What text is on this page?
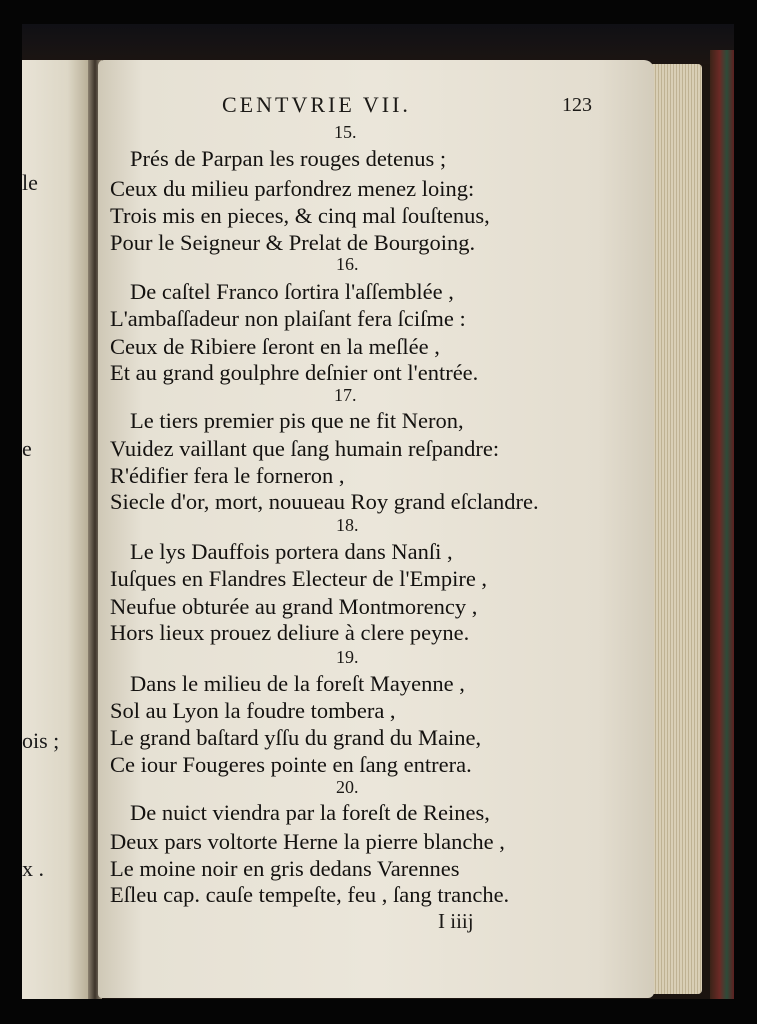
le
e
ois ;
x .
CENTVRIE VII.	123
15.
Prés de Parpan les rouges detenus ;
Ceux du milieu parfondrez menez loing:
Trois mis en pieces, & cinq mal ſouſtenus,
Pour le Seigneur & Prelat de Bourgoing.
16.
De caſtel Franco ſortira l'aſſemblée ,
L'ambaſſadeur non plaiſant fera ſciſme :
Ceux de Ribiere ſeront en la meſlée ,
Et au grand goulphre deſnier ont l'entrée.
17.
Le tiers premier pis que ne fit Neron,
Vuidez vaillant que ſang humain reſpandre:
R'édifier fera le forneron ,
Siecle d'or, mort, nouueau Roy grand eſclandre.
18.
Le lys Dauffois portera dans Nanſi ,
Iuſques en Flandres Electeur de l'Empire ,
Neufue obturée au grand Montmorency ,
Hors lieux prouez deliure à clere peyne.
19.
Dans le milieu de la foreſt Mayenne ,
Sol au Lyon la foudre tombera ,
Le grand baſtard yſſu du grand du Maine,
Ce iour Fougeres pointe en ſang entrera.
20.
De nuict viendra par la foreſt de Reines,
Deux pars voltorte Herne la pierre blanche ,
Le moine noir en gris dedans Varennes
Eſleu cap. cauſe tempeſte, feu , ſang tranche.
I iiij
